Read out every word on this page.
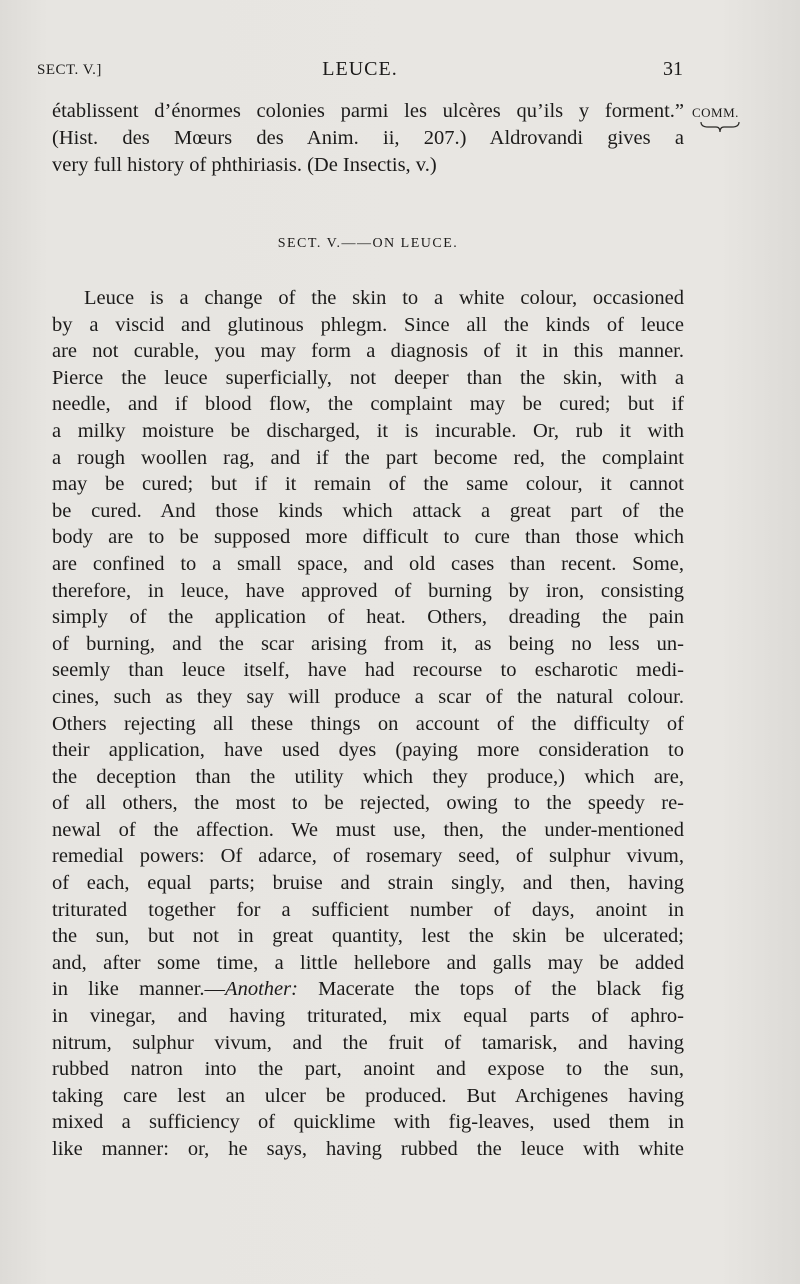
SECT. V.]	LEUCE.	31
COMM.
établissent d’énormes colonies parmi les ulcères qu’ils y forment.”
(Hist. des Mœurs des Anim. ii, 207.) Aldrovandi gives a
very full history of phthiriasis. (De Insectis, v.)
SECT. V.——ON LEUCE.
Leuce is a change of the skin to a white colour, occasioned
by a viscid and glutinous phlegm. Since all the kinds of leuce
are not curable, you may form a diagnosis of it in this manner.
Pierce the leuce superficially, not deeper than the skin, with a
needle, and if blood flow, the complaint may be cured; but if
a milky moisture be discharged, it is incurable. Or, rub it with
a rough woollen rag, and if the part become red, the complaint
may be cured; but if it remain of the same colour, it cannot
be cured. And those kinds which attack a great part of the
body are to be supposed more difficult to cure than those which
are confined to a small space, and old cases than recent. Some,
therefore, in leuce, have approved of burning by iron, consisting
simply of the application of heat. Others, dreading the pain
of burning, and the scar arising from it, as being no less un-
seemly than leuce itself, have had recourse to escharotic medi-
cines, such as they say will produce a scar of the natural colour.
Others rejecting all these things on account of the difficulty of
their application, have used dyes (paying more consideration to
the deception than the utility which they produce,) which are,
of all others, the most to be rejected, owing to the speedy re-
newal of the affection. We must use, then, the under-mentioned
remedial powers: Of adarce, of rosemary seed, of sulphur vivum,
of each, equal parts; bruise and strain singly, and then, having
triturated together for a sufficient number of days, anoint in
the sun, but not in great quantity, lest the skin be ulcerated;
and, after some time, a little hellebore and galls may be added
in like manner.—Another: Macerate the tops of the black fig
in vinegar, and having triturated, mix equal parts of aphro-
nitrum, sulphur vivum, and the fruit of tamarisk, and having
rubbed natron into the part, anoint and expose to the sun,
taking care lest an ulcer be produced. But Archigenes having
mixed a sufficiency of quicklime with fig-leaves, used them in
like manner: or, he says, having rubbed the leuce with white
